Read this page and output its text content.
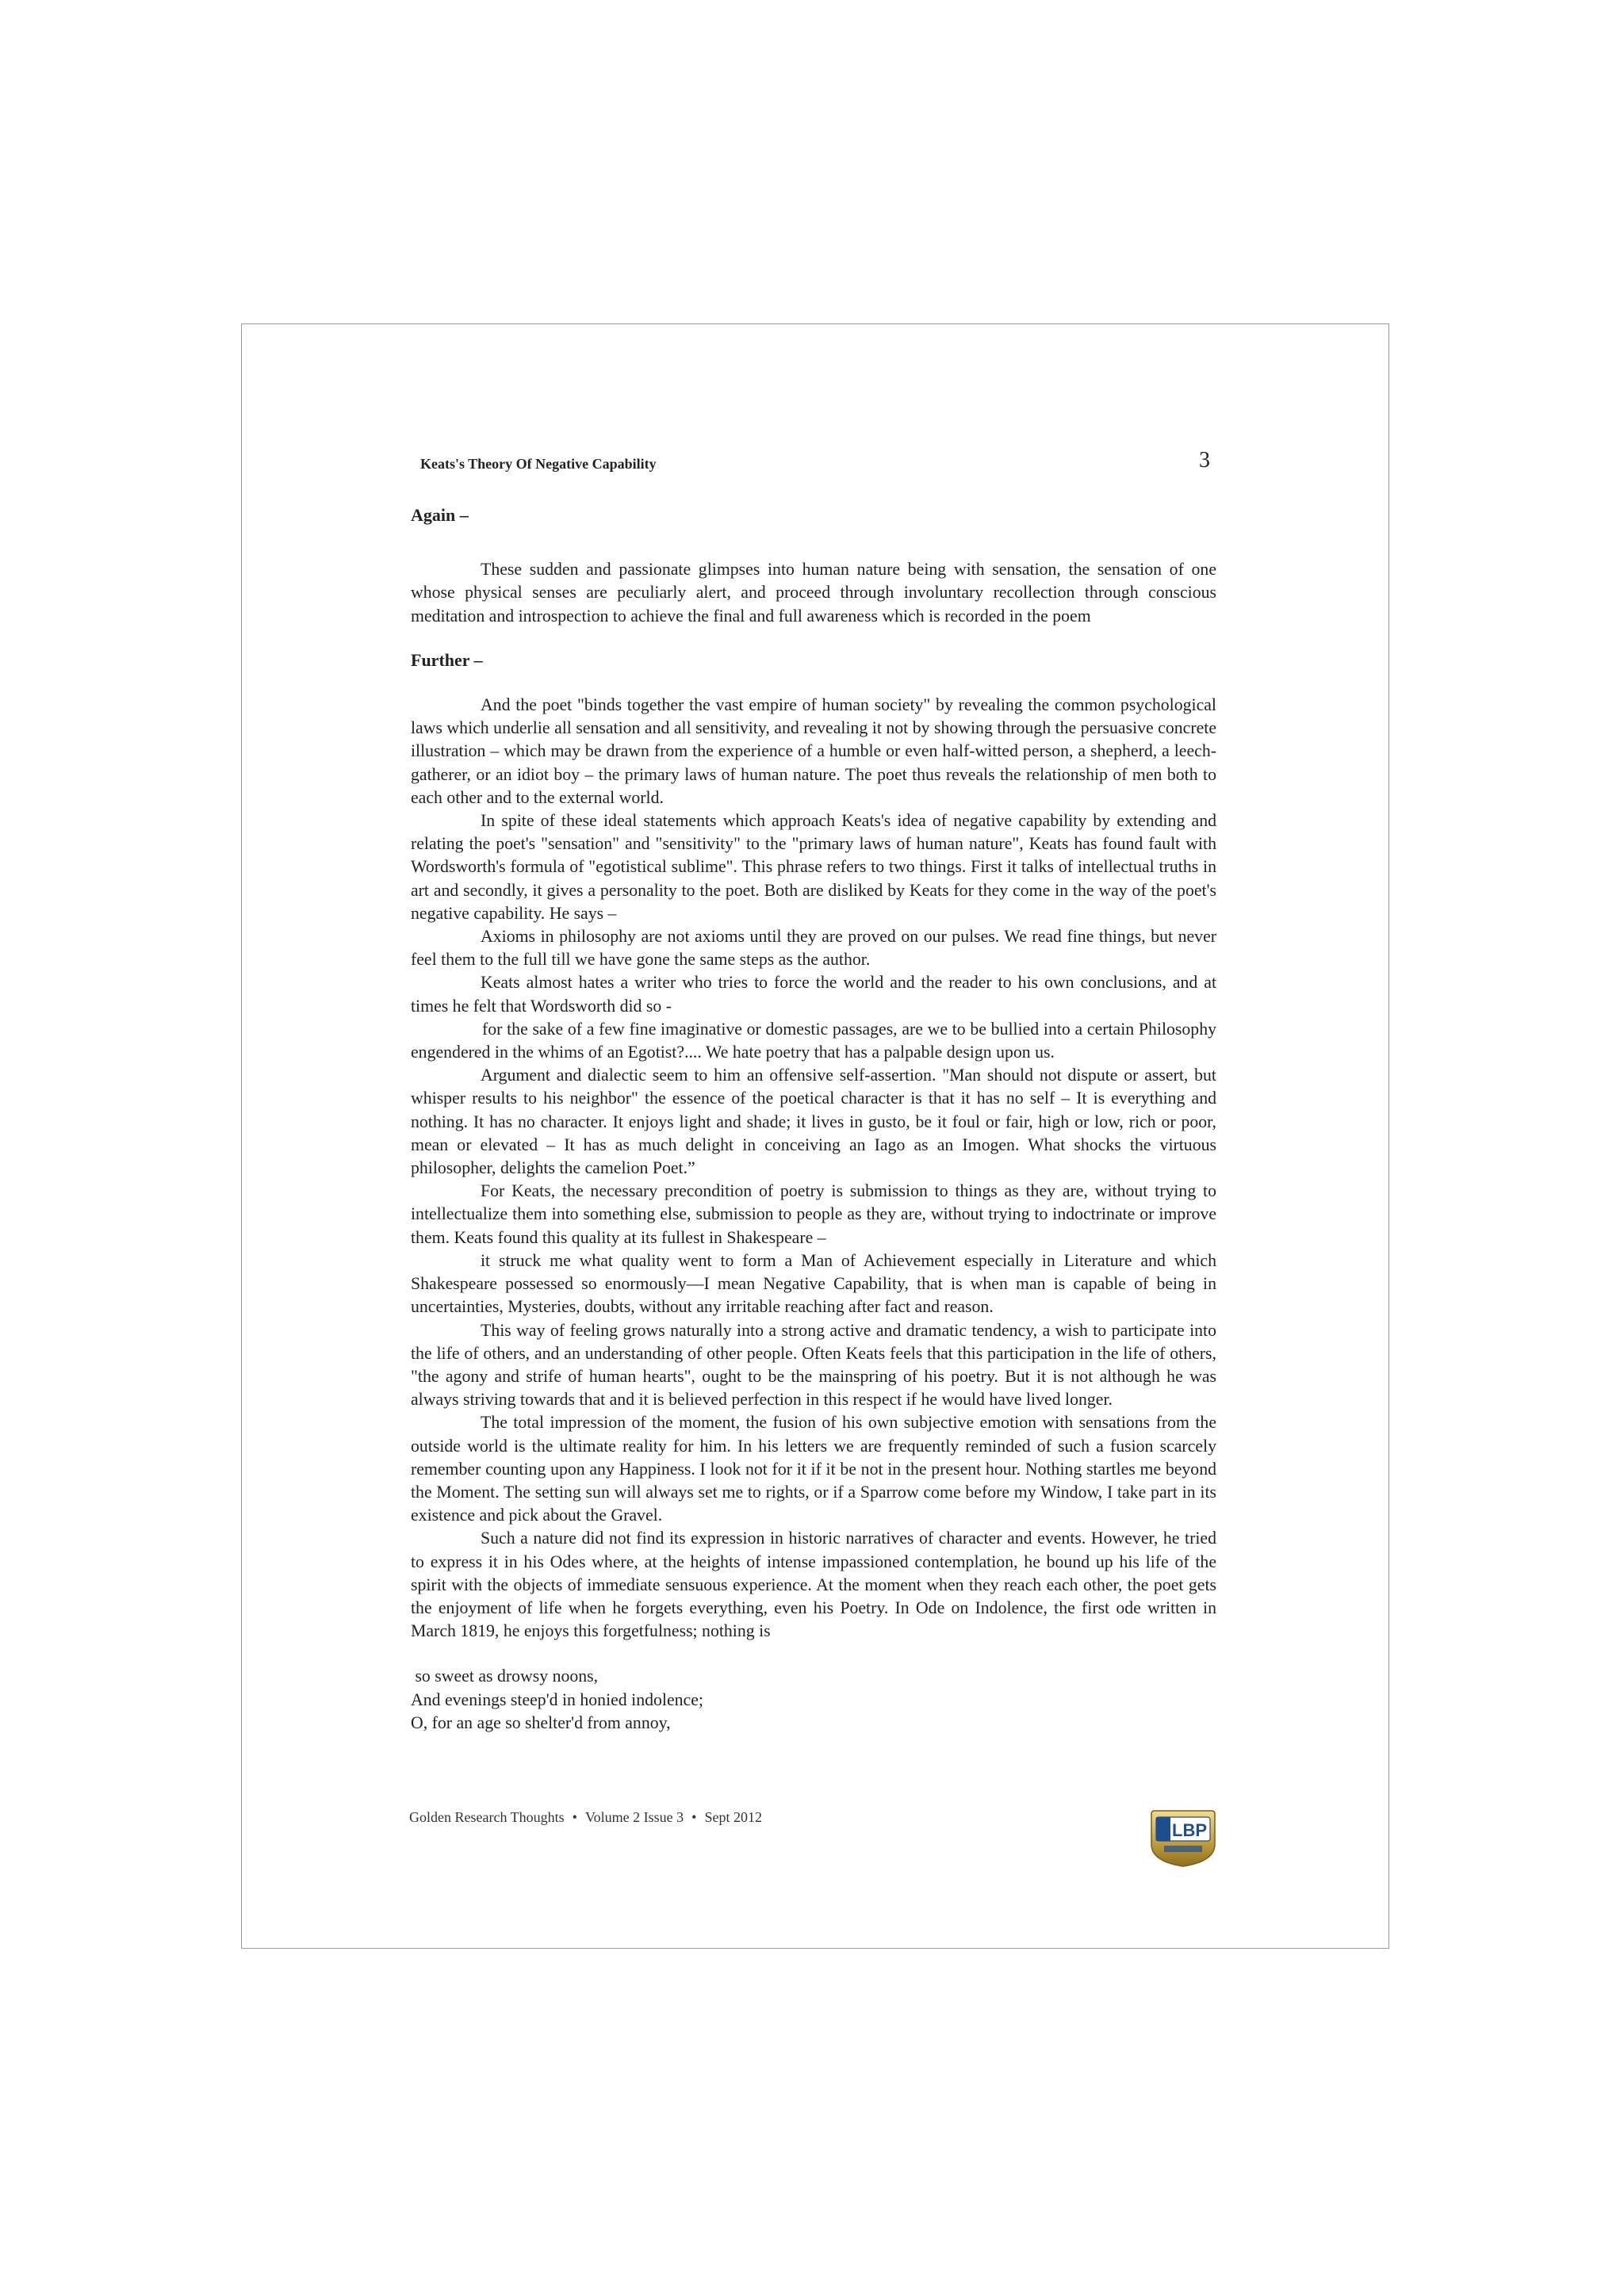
Keats's Theory Of Negative Capability	3

Again –

These sudden and passionate glimpses into human nature being with sensation, the sensation of one whose physical senses are peculiarly alert, and proceed through involuntary recollection through conscious meditation and introspection to achieve the final and full awareness which is recorded in the poem

Further –

And the poet "binds together the vast empire of human society" by revealing the common psychological laws which underlie all sensation and all sensitivity, and revealing it not by showing through the persuasive concrete illustration – which may be drawn from the experience of a humble or even half-witted person, a shepherd, a leech-gatherer, or an idiot boy – the primary laws of human nature. The poet thus reveals the relationship of men both to each other and to the external world.

In spite of these ideal statements which approach Keats's idea of negative capability by extending and relating the poet's "sensation" and "sensitivity" to the "primary laws of human nature", Keats has found fault with Wordsworth's formula of "egotistical sublime". This phrase refers to two things. First it talks of intellectual truths in art and secondly, it gives a personality to the poet. Both are disliked by Keats for they come in the way of the poet's negative capability. He says –

Axioms in philosophy are not axioms until they are proved on our pulses. We read fine things, but never feel them to the full till we have gone the same steps as the author.

Keats almost hates a writer who tries to force the world and the reader to his own conclusions, and at times he felt that Wordsworth did so -

for the sake of a few fine imaginative or domestic passages, are we to be bullied into a certain Philosophy engendered in the whims of an Egotist?.... We hate poetry that has a palpable design upon us.

Argument and dialectic seem to him an offensive self-assertion. "Man should not dispute or assert, but whisper results to his neighbor" the essence of the poetical character is that it has no self – It is everything and nothing. It has no character. It enjoys light and shade; it lives in gusto, be it foul or fair, high or low, rich or poor, mean or elevated – It has as much delight in conceiving an Iago as an Imogen. What shocks the virtuous philosopher, delights the camelion Poet.”

For Keats, the necessary precondition of poetry is submission to things as they are, without trying to intellectualize them into something else, submission to people as they are, without trying to indoctrinate or improve them. Keats found this quality at its fullest in Shakespeare –

it struck me what quality went to form a Man of Achievement especially in Literature and which Shakespeare possessed so enormously—I mean Negative Capability, that is when man is capable of being in uncertainties, Mysteries, doubts, without any irritable reaching after fact and reason.

This way of feeling grows naturally into a strong active and dramatic tendency, a wish to participate into the life of others, and an understanding of other people. Often Keats feels that this participation in the life of others, "the agony and strife of human hearts", ought to be the mainspring of his poetry. But it is not although he was always striving towards that and it is believed perfection in this respect if he would have lived longer.

The total impression of the moment, the fusion of his own subjective emotion with sensations from the outside world is the ultimate reality for him. In his letters we are frequently reminded of such a fusion scarcely remember counting upon any Happiness. I look not for it if it be not in the present hour. Nothing startles me beyond the Moment. The setting sun will always set me to rights, or if a Sparrow come before my Window, I take part in its existence and pick about the Gravel.

Such a nature did not find its expression in historic narratives of character and events. However, he tried to express it in his Odes where, at the heights of intense impassioned contemplation, he bound up his life of the spirit with the objects of immediate sensuous experience. At the moment when they reach each other, the poet gets the enjoyment of life when he forgets everything, even his Poetry. In Ode on Indolence, the first ode written in March 1819, he enjoys this forgetfulness; nothing is

so sweet as drowsy noons,

And evenings steep'd in honied indolence;

O, for an age so shelter'd from annoy,

Golden Research Thoughts • Volume 2 Issue 3 • Sept 2012
LBP
